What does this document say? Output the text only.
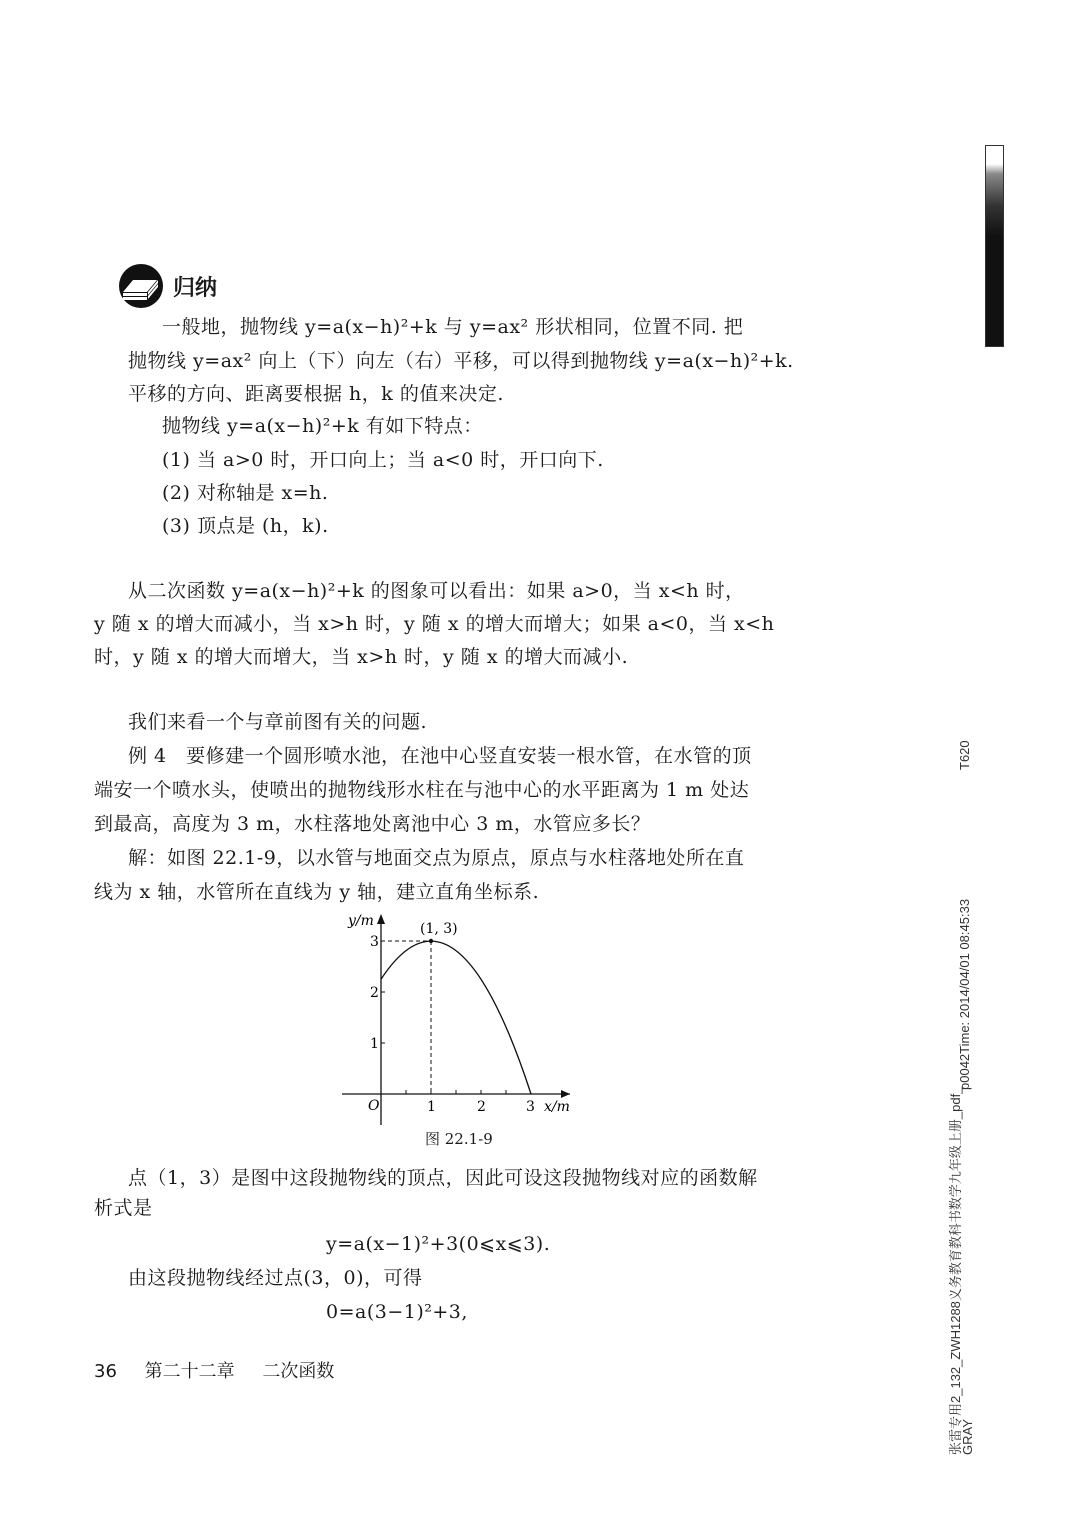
归纳
一般地，抛物线 y=a(x−h)²+k 与 y=ax² 形状相同，位置不同. 把
抛物线 y=ax² 向上（下）向左（右）平移，可以得到抛物线 y=a(x−h)²+k.
平移的方向、距离要根据 h，k 的值来决定.
抛物线 y=a(x−h)²+k 有如下特点：
(1) 当 a>0 时，开口向上；当 a<0 时，开口向下.
(2) 对称轴是 x=h.
(3) 顶点是 (h，k).
从二次函数 y=a(x−h)²+k 的图象可以看出：如果 a>0，当 x<h 时，
y 随 x 的增大而减小，当 x>h 时，y 随 x 的增大而增大；如果 a<0，当 x<h
时，y 随 x 的增大而增大，当 x>h 时，y 随 x 的增大而减小.
我们来看一个与章前图有关的问题.
例 4　要修建一个圆形喷水池，在池中心竖直安装一根水管，在水管的顶
端安一个喷水头，使喷出的抛物线形水柱在与池中心的水平距离为 1 m 处达
到最高，高度为 3 m，水柱落地处离池中心 3 m，水管应多长？
解：如图 22.1-9，以水管与地面交点为原点，原点与水柱落地处所在直
线为 x 轴，水管所在直线为 y 轴，建立直角坐标系.
y/m	(1, 3)
O	1	2	3 x/m
1
2
3
图 22.1-9
点（1，3）是图中这段抛物线的顶点，因此可设这段抛物线对应的函数解
析式是
y=a(x−1)²+3(0⩽x⩽3).
由这段抛物线经过点(3，0)，可得
0=a(3−1)²+3,
36 第二十二章 二次函数
T620
p0042Time: 2014/04/01 08:45:33
张雷专用2_132_ZWH1288义务教育教科书数学九年级上册_pdf_
GRAY
